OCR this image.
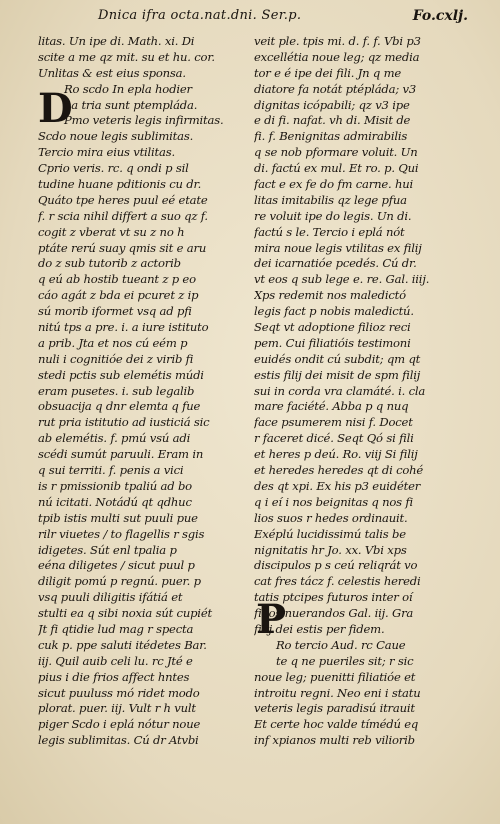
Dnica ifra octa.nat.dni. Ser.p.	Fo.cxlj.
D
P
litas. Un ipe di. Math. xi. Di
scite a me qz mit. su et hu. cor.
Unlitas & est eius sponsa.
Ro scdo In epla hodier
na tria sunt ptempláda.
Pmo veteris legis infirmitas.
Scdo noue legis sublimitas.
Tercio mira eius vtilitas.
Cprio veris. rc. q ondi p sil
tudine huane pditionis cu dr.
Quáto tpe heres puul eé etate
f. r scia nihil differt a suo qz f.
cogit z vberat vt su z no h
ptáte rerú suay qmis sit e aru
do z sub tutorib z actorib
q eú ab hostib tueant z p eo
cáo agát z bda ei pcuret z ip
sú morib iformet vsq ad pfi
nitú tps a pre. i. a iure istituto
a prib. Jta et nos cú eém p
nuli i cognitióe dei z virib fi
stedi pctis sub elemétis múdi
eram pusetes. i. sub legalib
obsuacija q dnr elemta q fue
rut pria istitutio ad iusticiá sic
ab elemétis. f. pmú vsú adi
scédi sumút paruuli. Eram in
q sui territi. f. penis a vici
is r pmissionib tpaliú ad bo
nú icitati. Notádú qt qdhuc
tpib istis multi sut puuli pue
rilr viuetes / to flagellis r sgis
idigetes. Sút enl tpalia p
eéna diligetes / sicut puul p
diligit pomú p regnú. puer. p
vsq puuli diligitis ifátiá et
stulti ea q sibi noxia sút cupiét
Jt fi qtidie lud mag r specta
cuk p. ppe saluti itédetes Bar.
iij. Quil auib celi lu. rc Jté e
pius i die frios affect hntes
sicut puuluss mó ridet modo
plorat. puer. iij. Vult r h vult
piger Scdo i eplá nótur noue
legis sublimitas. Cú dr Atvbi
veit ple. tpis mi. d. f. f. Vbi p3
excellétia noue leg; qz media
tor e é ipe dei fili. Jn q me
diatore fa notát ptépláda; v3
dignitas icópabili; qz v3 ipe
e di fi. nafat. vh di. Misit de
fi. f. Benignitas admirabilis
q se nob pformare voluit. Un
di. factú ex mul. Et ro. p. Qui
fact e ex fe do fm carne. hui
litas imitabilis qz lege pfua
re voluit ipe do legis. Un di.
factú s le. Tercio i eplá nót
mira noue legis vtilitas ex filij
dei icarnatióe pcedés. Cú dr.
vt eos q sub lege e. re. Gal. iiij.
Xps redemit nos maledictó
legis fact p nobis maledictú.
Seqt vt adoptione filioz reci
pem. Cui filiatióis testimoni
euidés ondit cú subdit; qm qt
estis filij dei misit de spm filij
sui in corda vra clamáté. i. cla
mare faciété. Abba p q nuq
face psumerem nisi f. Docet
r faceret dicé. Seqt Qó si fili
et heres p deú. Ro. viij Si filij
et heredes heredes qt di cohé
des qt xpi. Ex his p3 euidéter
q i eí i nos beignitas q nos fi
lios suos r hedes ordinauit.
Exéplú lucidissimú talis be
nignitatis hr Jo. xx. Vbi xps
discipulos p s ceú reliqrát vo
cat fres tácz f. celestis heredi
tatis ptcipes futuros inter oí
filios nuerandos Gal. iij. Gra
filij dei estis per fidem.
Ro tercio Aud. rc Caue
te q ne pueriles sit; r sic
noue leg; puenitti filiatióe et
introitu regni. Neo eni i statu
veteris legis paradisú itrauit
Et certe hoc valde tímédú eq
inf xpianos multi reb viliorib
